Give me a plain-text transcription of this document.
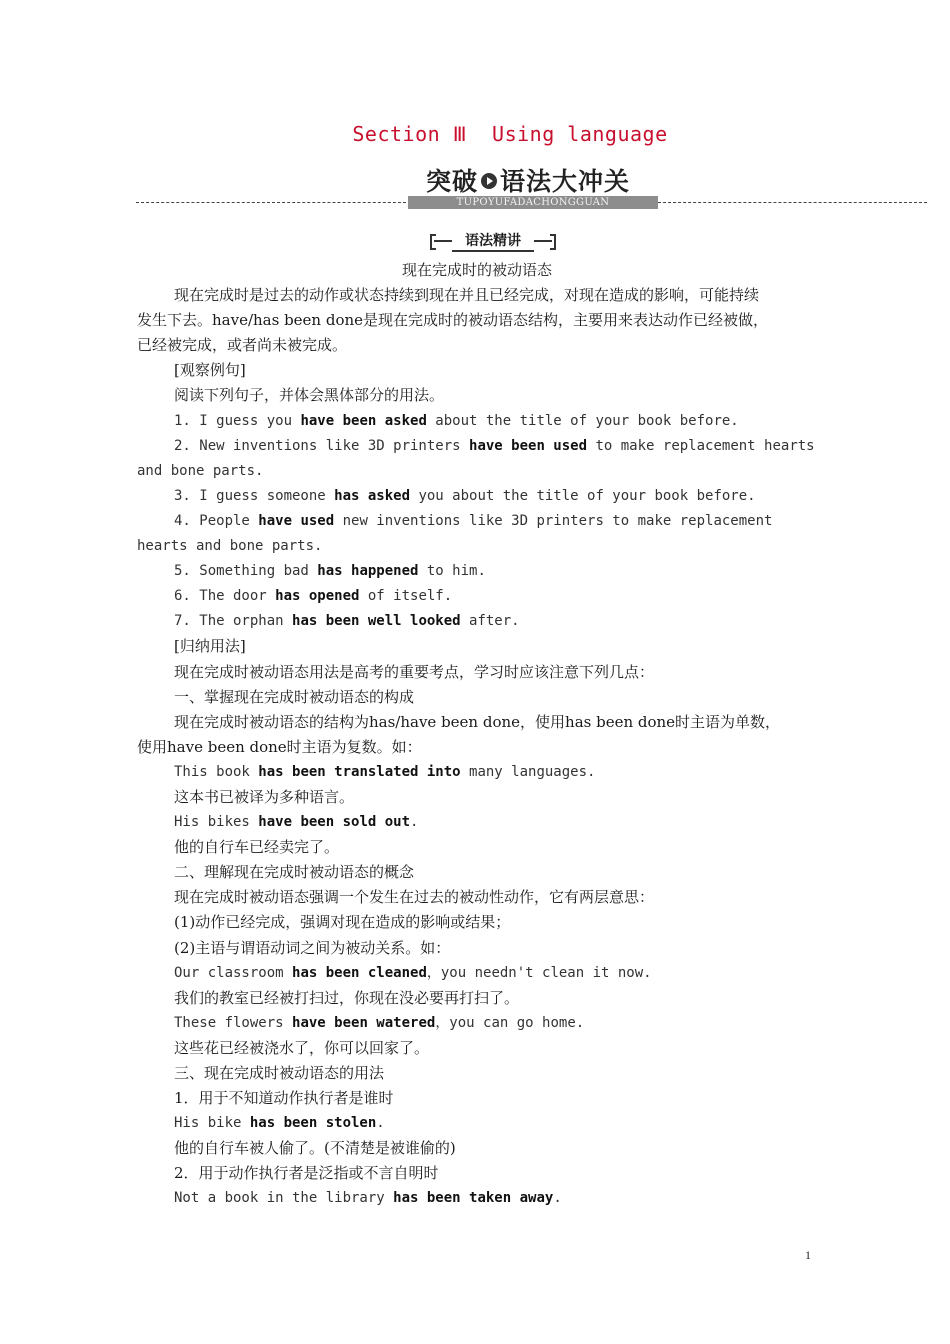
Section Ⅲ  Using language
突破 语法大冲关
TUPOYUFADACHONGGUAN
语法精讲
现在完成时的被动语态
现在完成时是过去的动作或状态持续到现在并且已经完成，对现在造成的影响，可能持续
发生下去。have/has been done是现在完成时的被动语态结构，主要用来表达动作已经被做，
已经被完成，或者尚未被完成。
[观察例句]
阅读下列句子，并体会黑体部分的用法。
1. I guess you have been asked about the title of your book before.
2. New inventions like 3D printers have been used to make replacement hearts
and bone parts.
3. I guess someone has asked you about the title of your book before.
4. People have used new inventions like 3D printers to make replacement
hearts and bone parts.
5. Something bad has happened to him.
6. The door has opened of itself.
7. The orphan has been well looked after.
[归纳用法]
现在完成时被动语态用法是高考的重要考点，学习时应该注意下列几点：
一、掌握现在完成时被动语态的构成
现在完成时被动语态的结构为has/have been done，使用has been done时主语为单数，
使用have been done时主语为复数。如：
This book has been translated into many languages.
这本书已被译为多种语言。
His bikes have been sold out.
他的自行车已经卖完了。
二、理解现在完成时被动语态的概念
现在完成时被动语态强调一个发生在过去的被动性动作，它有两层意思：
(1)动作已经完成，强调对现在造成的影响或结果；
(2)主语与谓语动词之间为被动关系。如：
Our classroom has been cleaned，you needn't clean it now.
我们的教室已经被打扫过，你现在没必要再打扫了。
These flowers have been watered，you can go home.
这些花已经被浇水了，你可以回家了。
三、现在完成时被动语态的用法
1．用于不知道动作执行者是谁时
His bike has been stolen.
他的自行车被人偷了。(不清楚是被谁偷的)
2．用于动作执行者是泛指或不言自明时
Not a book in the library has been taken away.
1
